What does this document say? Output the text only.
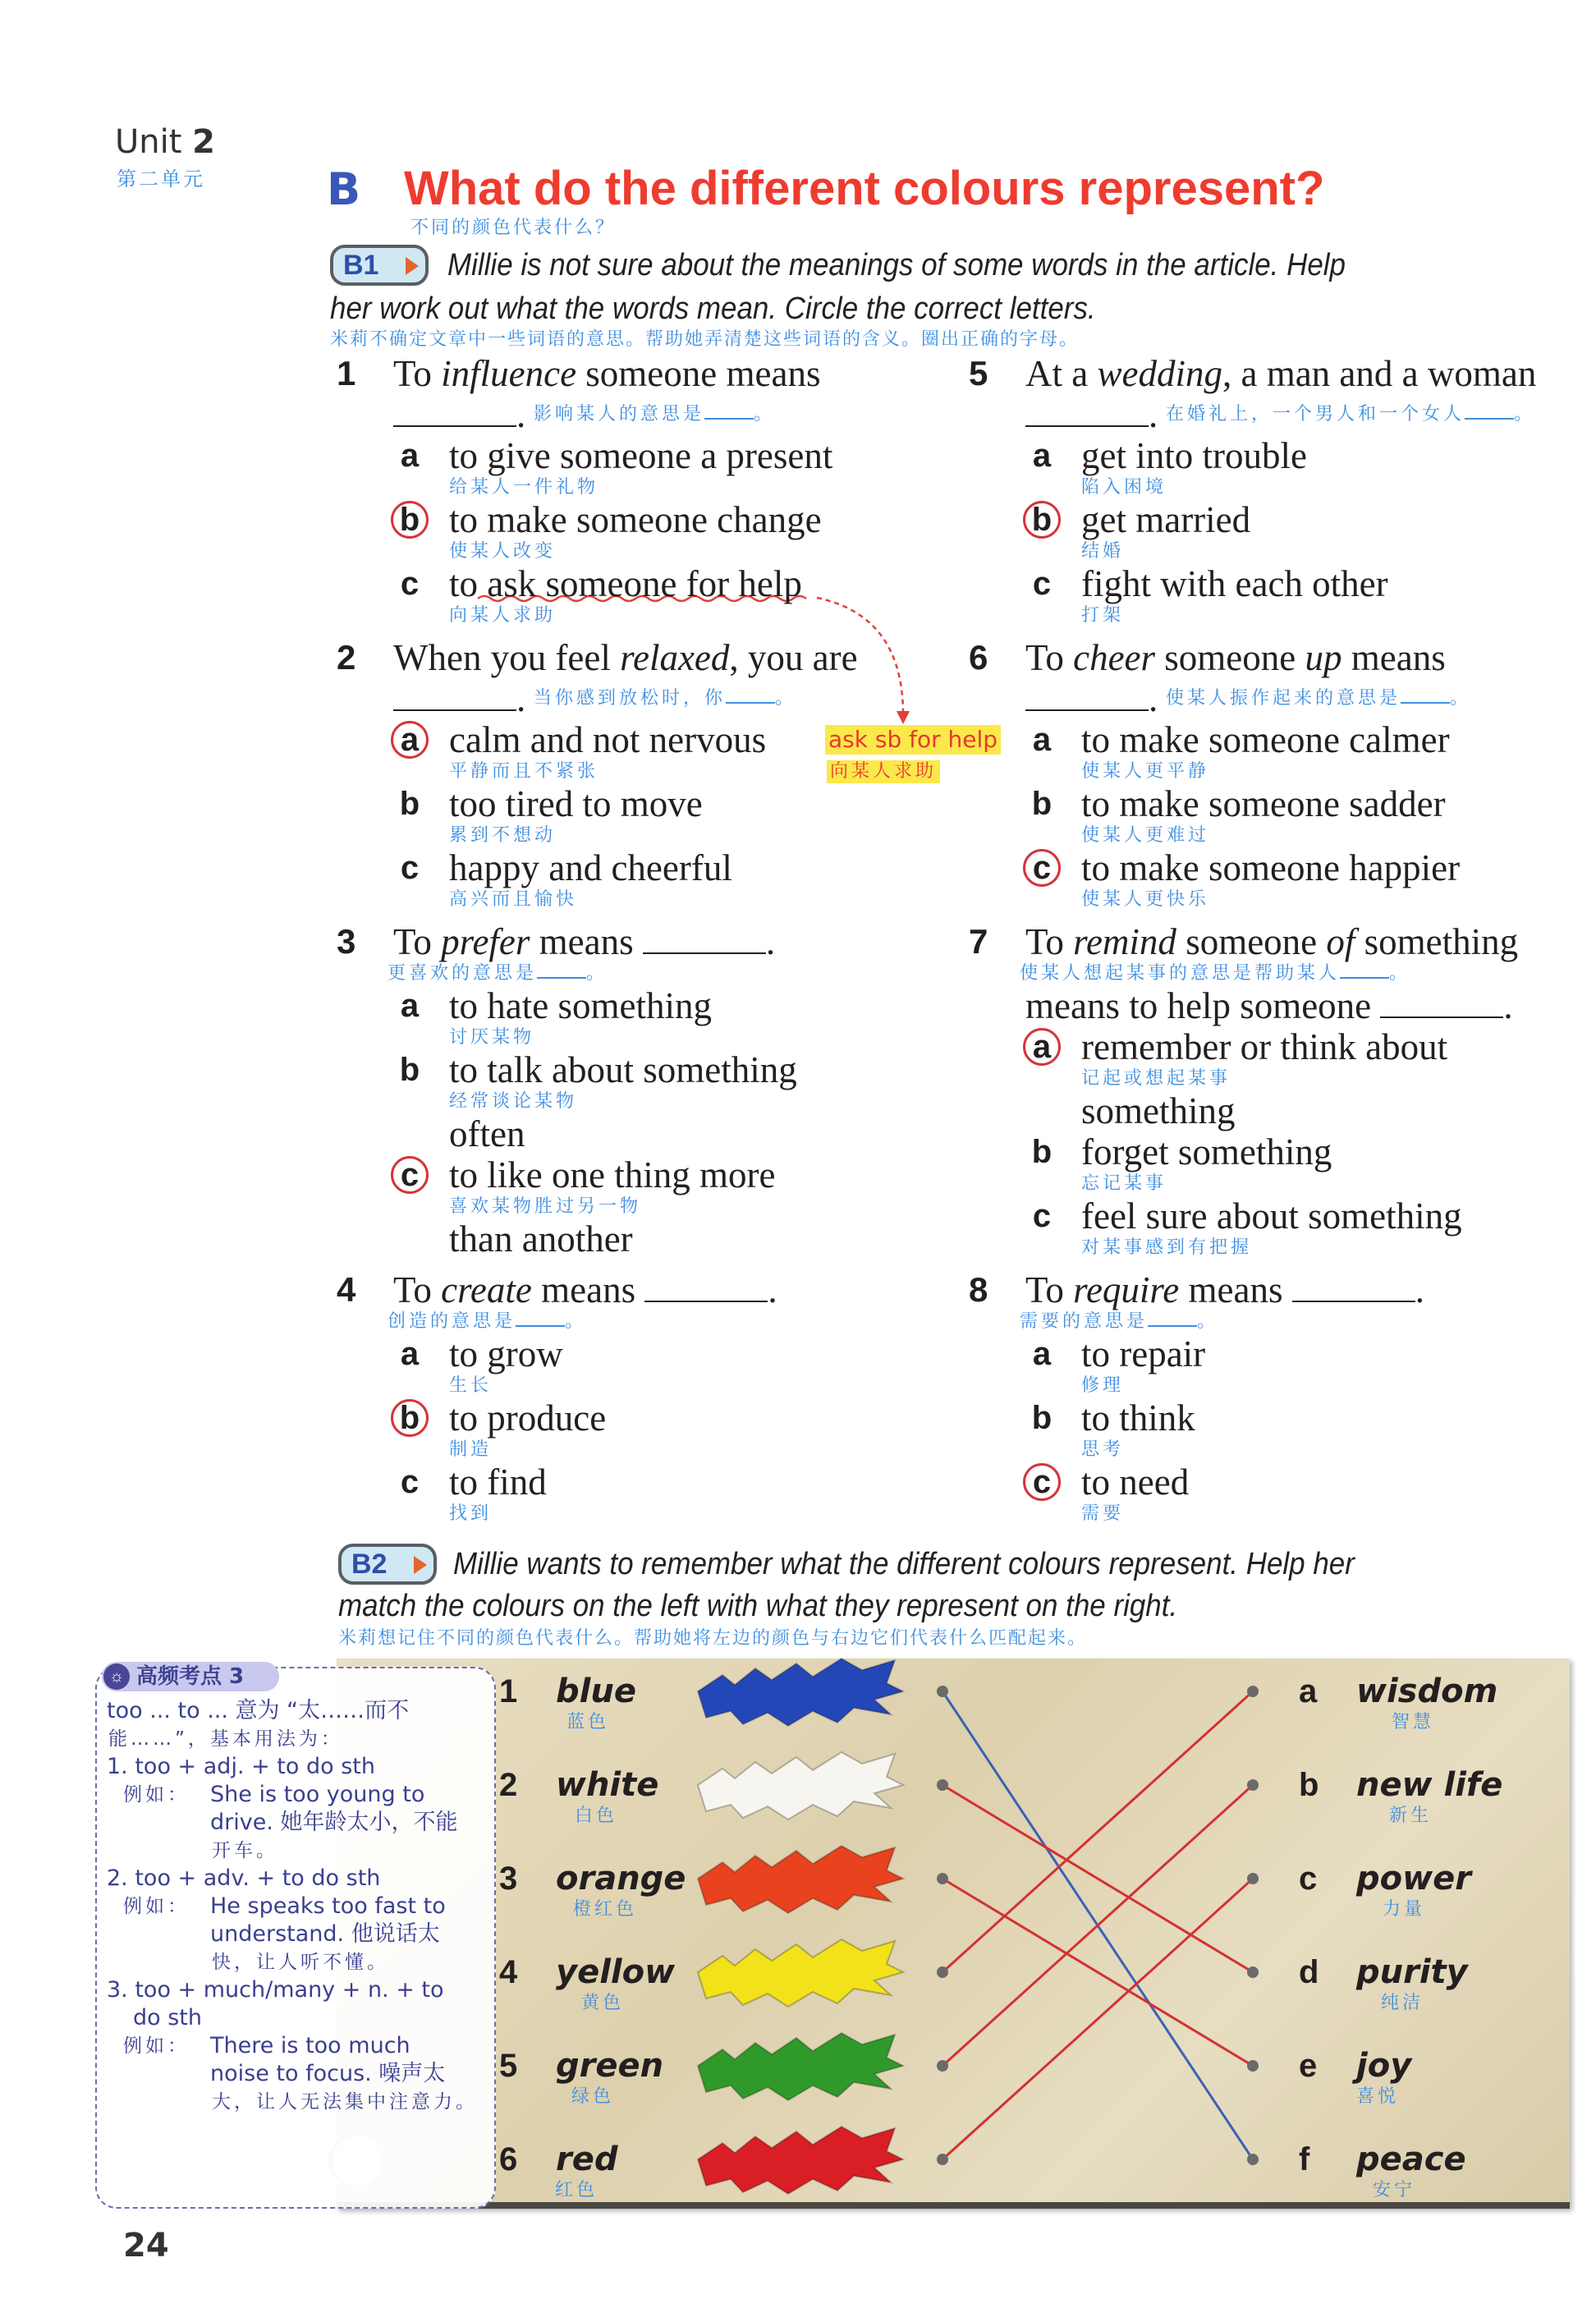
Unit 2
第二单元	B What do the different colours represent?
不同的颜色代表什么？
B1	Millie is not sure about the meanings of some words in the article. Help
her work out what the words mean. Circle the correct letters.
米莉不确定文章中一些词语的意思。帮助她弄清楚这些词语的含义。圈出正确的字母。
1 To influence someone means
. 影响某人的意思是	。
a to give someone a present
给某人一件礼物
b to make someone change
使某人改变
c to ask someone for help
向某人求助
2 When you feel relaxed, you are
. 当你感到放松时，你	。
a calm and not nervous	ask sb for help
平静而且不紧张	向某人求助
b too tired to move
累到不想动
c happy and cheerful
高兴而且愉快
3 To prefer means	.
更喜欢的意思是	。
a to hate something
讨厌某物
b to talk about something
经常谈论某物
often
c to like one thing more
喜欢某物胜过另一物
than another
4 To create means	.
创造的意思是	。
a to grow
生长
b to produce
制造
c to find
找到
5 At a wedding, a man and a woman
. 在婚礼上，一个男人和一个女人	。
a get into trouble
陷入困境
b get married
结婚
c fight with each other
打架
6 To cheer someone up means
. 使某人振作起来的意思是	。
a to make someone calmer
使某人更平静
b to make someone sadder
使某人更难过
c to make someone happier
使某人更快乐
7 To remind someone of something
使某人想起某事的意思是帮助某人	。
means to help someone	.
a remember or think about
记起或想起某事
something
b forget something
忘记某事
c feel sure about something
对某事感到有把握
8 To require means	.
需要的意思是	。
a to repair
修理
b to think
思考
c to need
需要
B2	Millie wants to remember what the different colours represent. Help her
match the colours on the left with what they represent on the right.
米莉想记住不同的颜色代表什么。帮助她将左边的颜色与右边它们代表什么匹配起来。
1 blue
蓝色
2 white
白色
3 orange
橙红色
4 yellow
黄色
5 green
绿色
6 red
红色
a wisdom
智慧
b new life
新生
c power
力量
d purity
纯洁
e joy
喜悦
f peace
安宁
☼ 高频考点 3
too ... to ... 意为 “太……而不
能……”，基本用法为：
1. too + adj. + to do sth
例如： She is too young to
drive. 她年龄太小，不能
开车。
2. too + adv. + to do sth
例如： He speaks too fast to
understand. 他说话太
快，让人听不懂。
3. too + much/many + n. + to
do sth
例如： There is too much
noise to focus. 噪声太
大，让人无法集中注意力。
24
